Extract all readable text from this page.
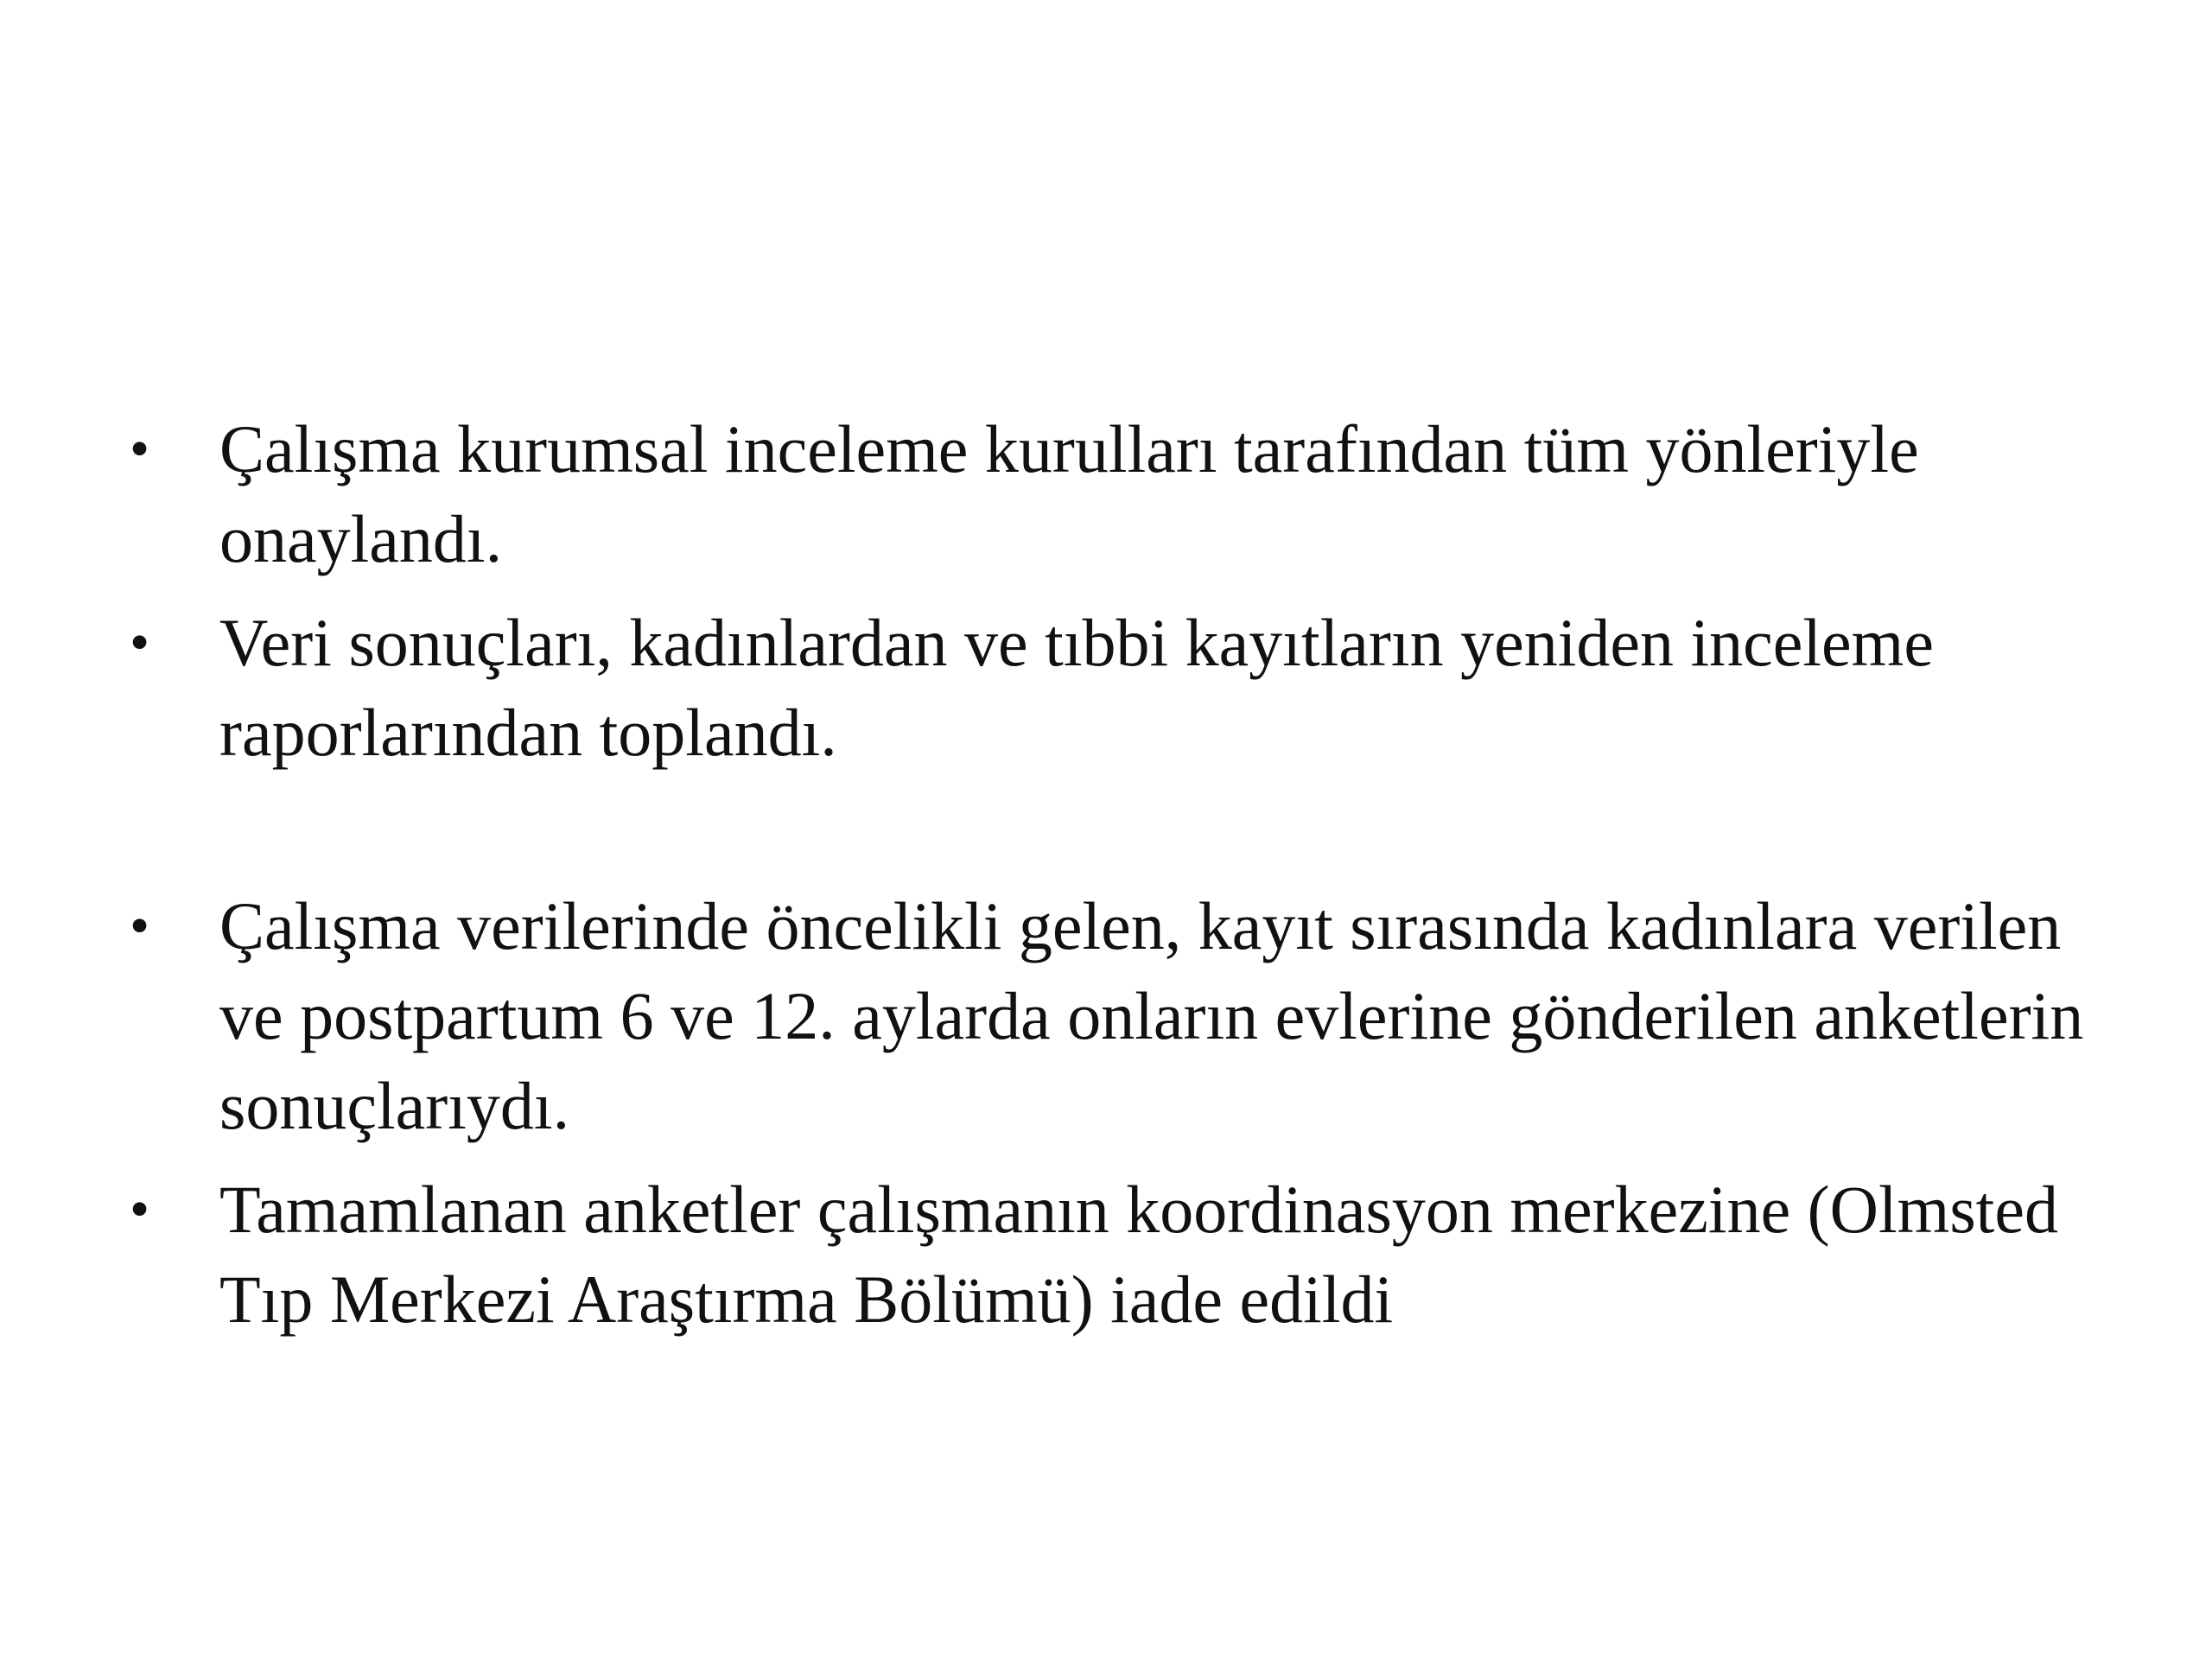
• Çalışma kurumsal inceleme kurulları tarafından tüm yönleriyle onaylandı.
• Veri sonuçları, kadınlardan ve tıbbi kayıtların yeniden inceleme raporlarından toplandı.
• Çalışma verilerinde öncelikli gelen, kayıt sırasında kadınlara verilen ve postpartum 6 ve 12. aylarda onların evlerine gönderilen anketlerin sonuçlarıydı.
• Tamamlanan anketler çalışmanın koordinasyon merkezine (Olmsted Tıp Merkezi Araştırma Bölümü) iade edildi
